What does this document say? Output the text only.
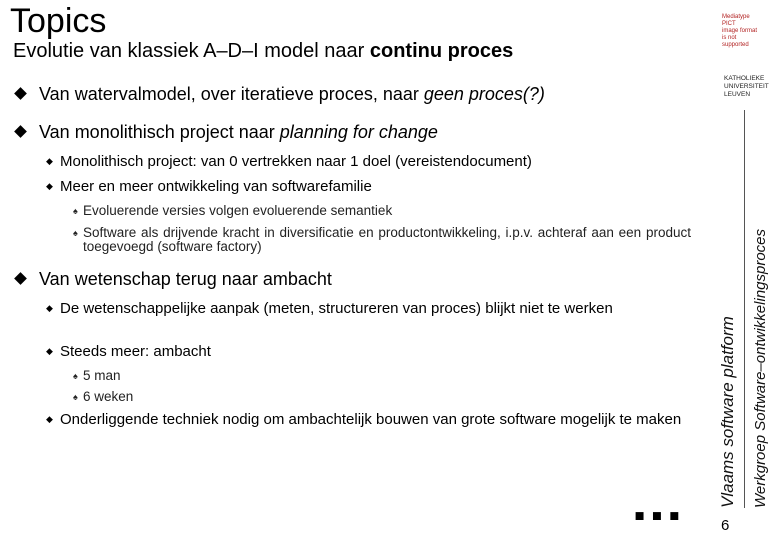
Topics
Evolutie van klassiek A–D–I model naar continu proces
Mediatype PICT
image format
is not supported
KATHOLIEKE
UNIVERSITEIT
LEUVEN
Van watervalmodel, over iteratieve proces, naar geen proces(?)
Van monolithisch project naar planning for change
◆ Monolithisch project: van 0 vertrekken naar 1 doel (vereistendocument)
◆ Meer en meer ontwikkeling van softwarefamilie
♠ Evoluerende versies volgen evoluerende semantiek
♠ Software als drijvende kracht in diversificatie en productontwikkeling, i.p.v. achteraf aan een product toegevoegd (software factory)
Van wetenschap terug naar ambacht
◆ De wetenschappelijke aanpak (meten, structureren van proces) blijkt niet te werken
◆ Steeds meer: ambacht
♠ 5 man
♠ 6 weken
◆ Onderliggende techniek nodig om ambachtelijk bouwen van grote software mogelijk te maken	Vlaams software platform Werkgroep Software–ontwikkelingsproces
▪▪▪ 6
